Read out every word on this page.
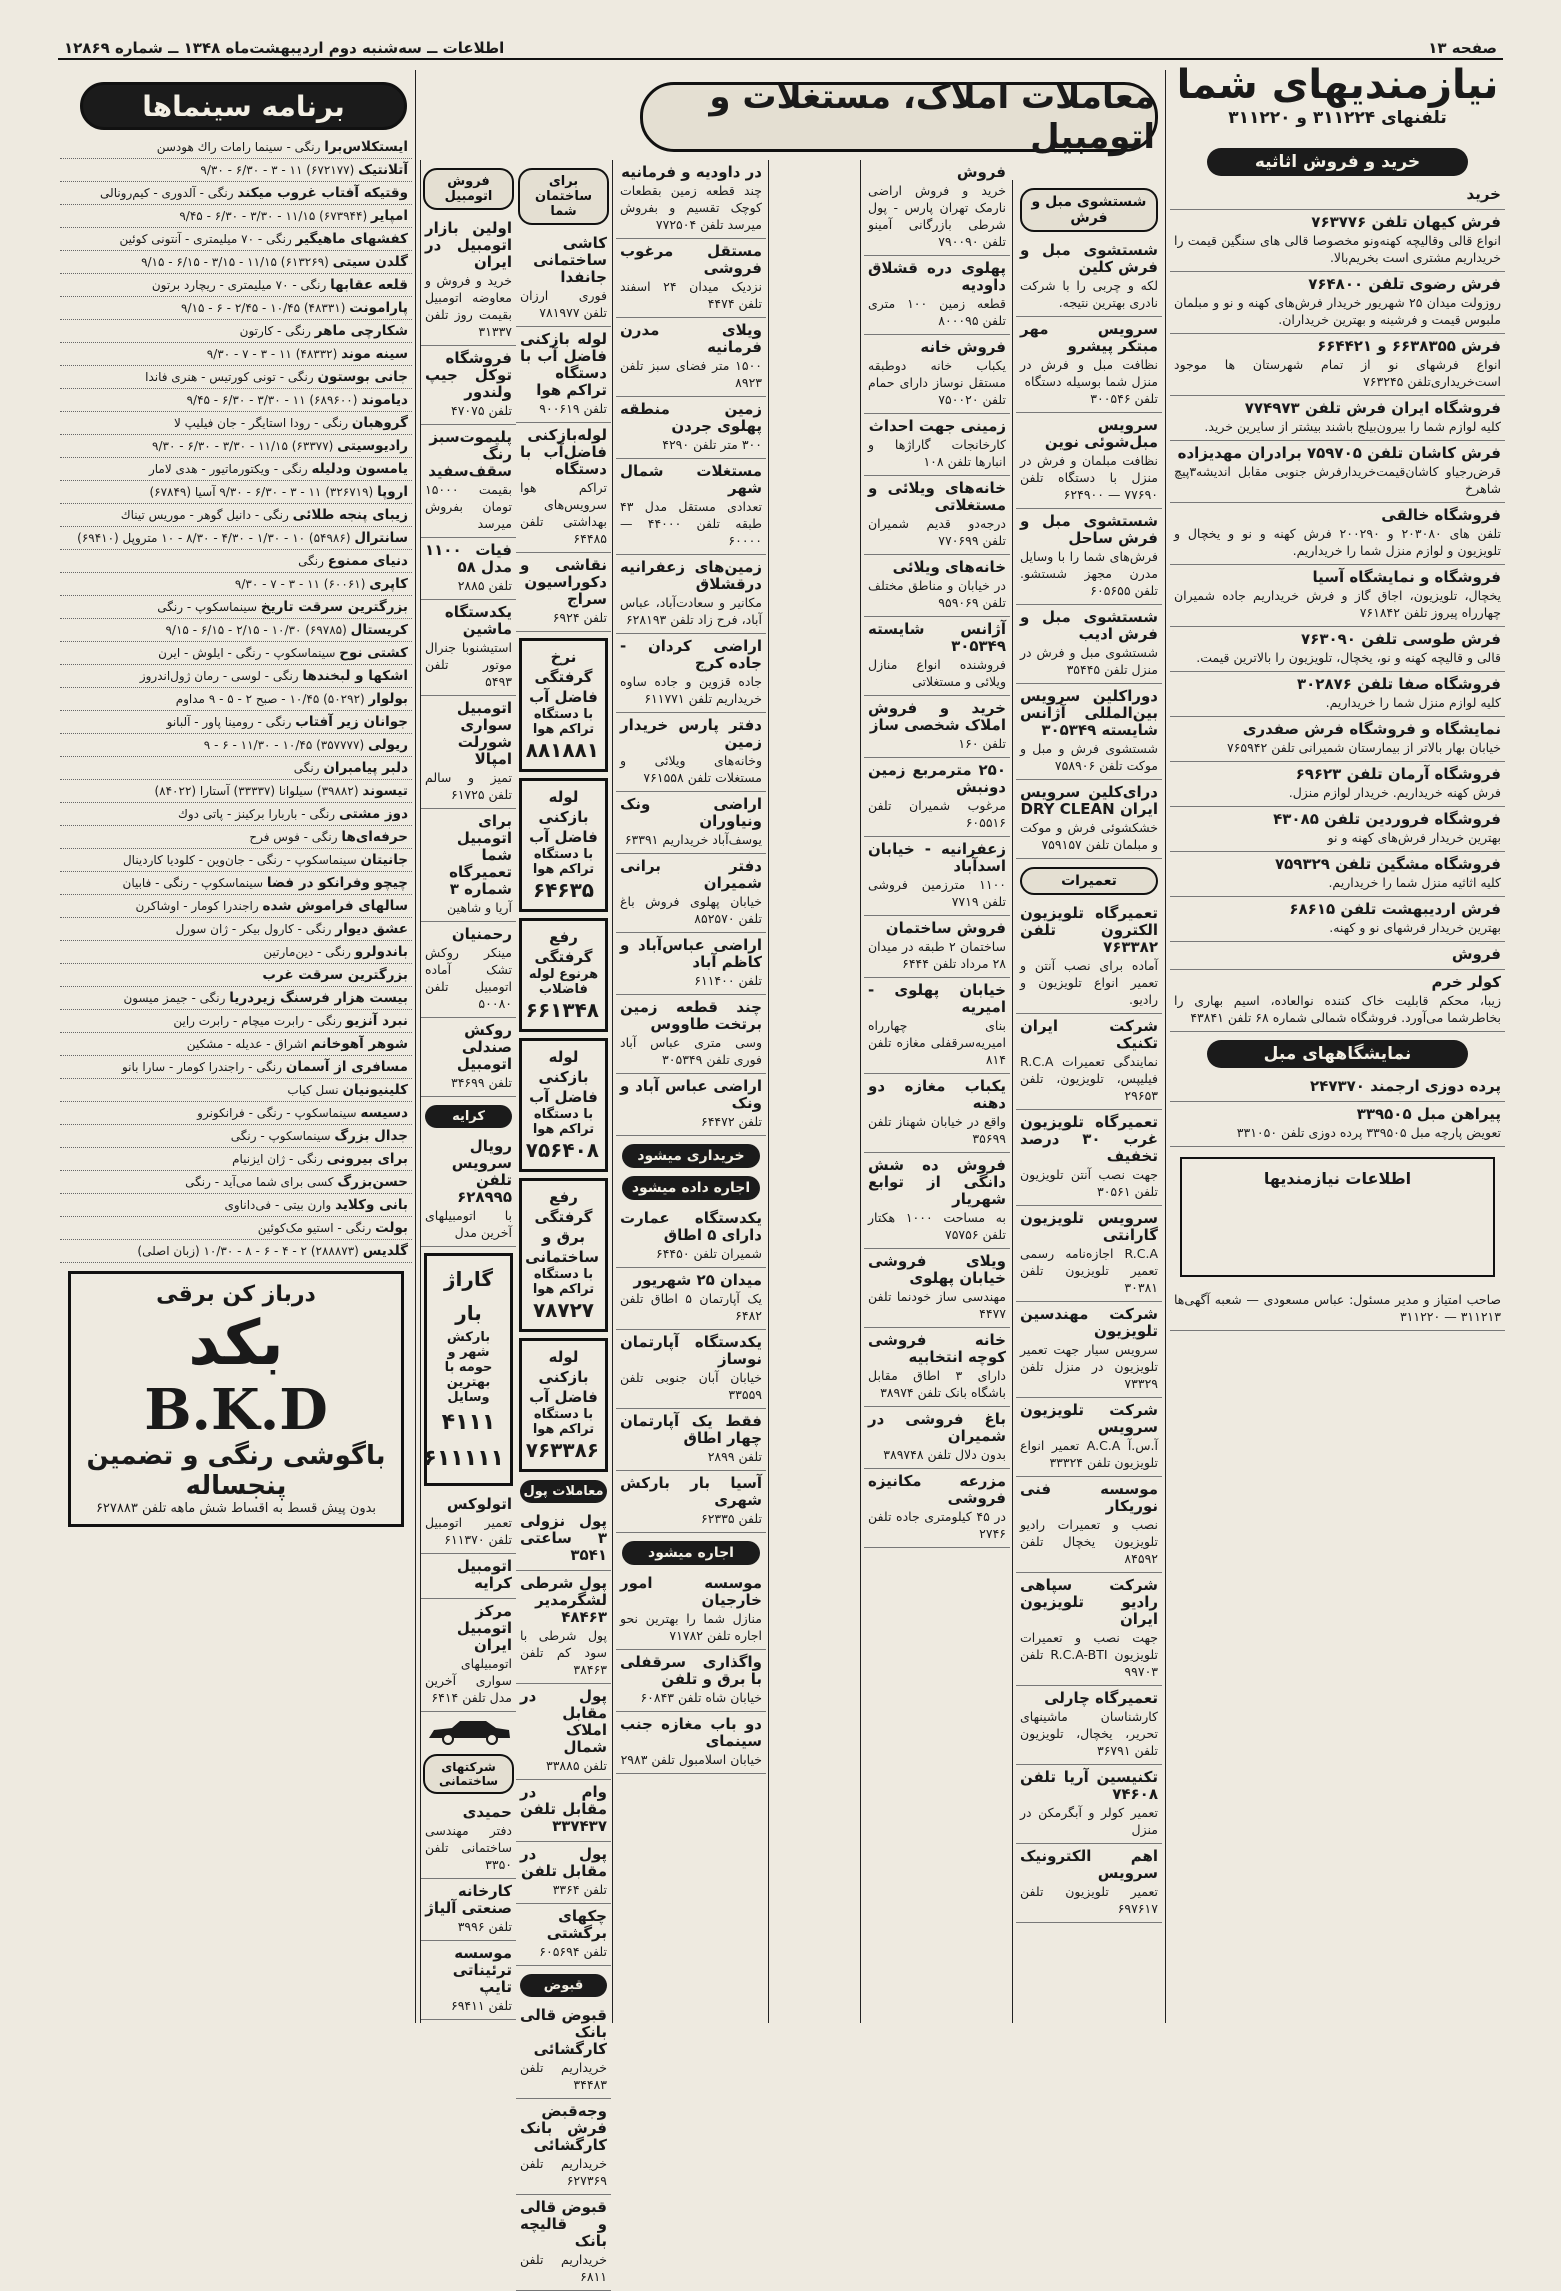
صفحه ۱۳
اطلاعات ــ سه‌شنبه دوم اردیبهشت‌ماه ۱۳۴۸ ــ شماره ۱۲۸۶۹
نیازمندیهای شما
تلفنهای ۳۱۱۲۲۴ و ۳۱۱۲۲۰
معاملات املاک، مستغلات و اتومبیل
برنامه سینماها
خرید و فروش اثاثیه
خرید
فرش کیهان تلفن ۷۶۳۷۷۶
انواع قالی وقالیچه کهنه‌ونو مخصوصا قالی های سنگین قیمت را خریداریم مشتری است بخریم‌بالا.
فرش رضوی تلفن ۷۶۴۸۰۰
روزولت میدان ۲۵ شهریور خریدار فرش‌های کهنه و نو و مبلمان ملبوس قیمت و فرشینه و بهترین خریداران.
فرش ۶۶۳۸۳۵۵ و ۶۶۴۴۲۱
انواع فرشهای نو از تمام شهرستان ها موجود است‌خریداری‌تلفن ۷۶۳۲۴۵
فروشگاه ایران فرش تلفن ۷۷۴۹۷۳
کلیه لوازم شما را بیرون‌بیلج باشند بیشتر از سایرین خرید.
فرش کاشان تلفن ۷۵۹۷۰۵ برادران مهدیزاده
قرض‌رجیاو کاشان‌قیمت‌خریدارفرش جنوبی مقابل اندیشه‌۳‌پیچ شاهرخ
فروشگاه خالقی
تلفن های ۲۰۳۰۸۰ و ۲۰۰۲۹۰ فرش کهنه و نو و یخچال و تلویزیون و لوازم منزل شما را خریداریم.
فروشگاه و نمایشگاه آسیا
یخچال، تلویزیون، اجاق گاز و فرش خریداریم جاده شمیران چهارراه پیروز تلفن ۷۶۱۸۴۲
فرش طوسی تلفن ۷۶۳۰۹۰
قالی و قالیچه کهنه و نو، یخچال، تلویزیون را بالاترین قیمت.
فروشگاه صفا تلفن ۳۰۲۸۷۶
کلیه لوازم منزل شما را خریداریم.
نمایشگاه و فروشگاه فرش صفدری
خیابان بهار بالاتر از بیمارستان شمیرانی تلفن ۷۶۵۹۴۲
فروشگاه آرمان تلفن ۶۹۶۲۳
فرش کهنه خریداریم. خریدار لوازم منزل.
فروشگاه فروردین تلفن ۴۳۰۸۵
بهترین خریدار فرش‌های کهنه و نو
فروشگاه مشگین تلفن ۷۵۹۳۲۹
کلیه اثاثیه منزل شما را خریداریم.
فرش اردیبهشت تلفن ۶۸۶۱۵
بهترین خریدار فرشهای نو و کهنه.
فروش
کولر خرم
زیبا، محکم قابلیت خاک کننده نوالعاده، اسیم بهاری را بخاطرشما می‌آورد. فروشگاه شمالی شماره ۶۸ تلفن ۴۳۸۴۱
نمایشگاههای مبل
پرده دوزی ارجمند ۲۴۷۳۷۰
پیراهن مبل ۳۳۹۵۰۵
تعویض پارچه مبل ۳۳۹۵۰۵ پرده دوزی تلفن ۳۳۱۰۵۰
اطلاعات نیازمندیها
صاحب امتیاز و مدیر مسئول: عباس مسعودی — شعبه آگهی‌ها ۳۱۱۲۱۳ — ۳۱۱۲۲۰
شستشوی مبل و فرش
شستشوی مبل و فرش کلین
لکه و چربی را با شرکت نادری بهترین نتیجه.
سرویس مهر مبتکر پیشرو
نظافت مبل و فرش در منزل شما بوسیله دستگاه ‌ تلفن ۳۰۰۵۴۶
سرویس مبل‌شوئی نوین
نظافت مبلمان و فرش در منزل با دستگاه تلفن ۷۷۶۹۰ — ۶۲۴۹۰۰
شستشوی مبل و فرش ساحل
فرش‌های شما را با وسایل مدرن مجهز شستشو. تلفن ۶۰۵۶۵۵
شستشوی مبل و فرش ادیب
شستشوی مبل و فرش در منزل تلفن ۳۵۴۴۵
دوراکلین سرویس بین‌المللی آژانس شایسته ۳۰۵۳۴۹
شستشوی فرش و مبل و موکت تلفن ۷۵۸۹۰۶
درای‌کلین سرویس ایران DRY CLEAN
خشکشوئی فرش و موکت و مبلمان تلفن ۷۵۹۱۵۷
تعمیرات
تعمیرگاه تلویزیون الکترون تلفن ۷۶۳۳۸۲
آماده برای نصب آنتن و تعمیر انواع تلویزیون و رادیو.
شرکت ایران تکنیک
نمایندگی تعمیرات R.C.A فیلیپس، تلویزیون، تلفن ۲۹۶۵۳
تعمیرگاه تلویزیون غرب ۳۰ درصد تخفیف
جهت نصب آنتن تلویزیون تلفن ۳۰۵۶۱
سرویس تلویزیون گارانتی
R.C.A اجازه‌نامه رسمی تعمیر تلویزیون تلفن ۳۰۳۸۱
شرکت مهندسین تلویزیون
سرویس سیار جهت تعمیر تلویزیون در منزل تلفن ۷۳۳۲۹
شرکت تلویزیون سرویس
آ.س.آ A.C.A تعمیر انواع تلویزیون تلفن ۳۳۳۲۴
موسسه فنی نوریکار
نصب و تعمیرات رادیو تلویزیون یخچال تلفن ۸۴۵۹۲
شرکت سپاهی رادیو تلویزیون ایران
جهت نصب و تعمیرات تلویزیون R.C.A-BTI تلفن ۹۹۷۰۳
تعمیرگاه چارلی
کارشناسان ماشینهای تحریر، یخچال، تلویزیون تلفن ۳۶۷۹۱
تکنیسین آریا تلفن ۷۴۶۰۸
تعمیر کولر و آبگرمکن در منزل
اهم الکترونیک سرویس
تعمیر تلویزیون تلفن ۶۹۷۶۱۷
فروش
خرید و فروش اراضی نارمک تهران پارس - پول شرطی بازرگانی آمینو تلفن ۷۹۰۰۹۰
پهلوی دره قشلاق داودیه
قطعه زمین ۱۰۰ متری تلفن ۸۰۰۰۹۵
فروش خانه
یکباب خانه دوطبقه مستقل نوساز دارای حمام تلفن ۷۵۰۰۲۰
زمینی جهت احداث
کارخانجات گاراژها و انبارها تلفن ۱۰۸
خانه‌های ویلائی و مستغلاتی
درجه‌دو قدیم شمیران تلفن ۷۷۰۶۹۹
خانه‌های ویلائی
در خیابان و مناطق مختلف تلفن ۹۵۹۰۶۹
آژانس شایسته ۳۰۵۳۴۹
فروشنده انواع منازل ویلائی و مستغلاتی
خرید و فروش املاک شخصی ساز
تلفن ۱۶۰
۲۵۰ مترمربع زمین دونبش
مرغوب شمیران تلفن ۶۰۵۵۱۶
زعفرانیه - خیابان اسدآباد
۱۱۰۰ مترزمین فروشی تلفن ۷۷۱۹
فروش ساختمان
ساختمان ۲ طبقه در میدان ۲۸ مرداد تلفن ۶۴۴۴
خیابان پهلوی - امیریه
بنای چهارراه امیریه‌سرقفلی مغازه تلفن ۸۱۴
یکباب مغازه دو دهنه
واقع در خیابان شهناز تلفن ۳۵۶۹۹
فروش ده شش دانگی از توابع شهریار
به مساحت ۱۰۰۰ هکتار تلفن ۷۵۷۵۶
ویلای فروشی خیابان پهلوی
مهندسی ساز خودنما تلفن ۴۴۷۷
خانه فروشی کوچه انتخابیه
دارای ۳ اطاق مقابل باشگاه بانک تلفن ۳۸۹۷۴
باغ فروشی در شمیران
بدون دلال تلفن ۳۸۹۷۴۸
مزرعه مکانیزه فروشی
در ۴۵ کیلومتری جاده تلفن ۲۷۴۶
در داودیه و فرمانیه
چند قطعه زمین بقطعات کوچک تقسیم و بفروش میرسد تلفن ۷۷۲۵۰۴
مستقل مرغوب فروشی
نزدیک میدان ۲۴ اسفند تلفن ۴۴۷۴
ویلای مدرن فرمانیه
۱۵۰۰ متر فضای سبز تلفن ۸۹۲۳
زمین منطقه پهلوی جردن
۳۰۰ متر تلفن ۴۲۹۰
مستغلات شمال شهر
تعدادی مستقل مدل ۴۳ طبقه تلفن ۴۴۰۰۰ — ۶۰۰۰۰
زمین‌های زعفرانیه درقشلاق
مکانیر و سعادت‌آباد، عباس آباد، فرح زاد تلفن ۶۲۸۱۹۳
اراضی کردان - جاده کرج
جاده قزوین و جاده ساوه خریداریم تلفن ۶۱۱۷۷۱
دفتر پارس خریدار زمین
وخانه‌های ویلائی و مستغلات تلفن ۷۶۱۵۵۸
اراضی ونک ونیاوران
یوسف‌آباد خریداریم ۶۳۳۹۱
دفتر برانی شمیران
خیابان پهلوی فروش باغ تلفن ۸۵۲۵۷۰
اراضی عباس‌آباد و کاظم آباد
تلفن ۶۱۱۴۰۰
چند قطعه زمین برتخت طاووس
وسی متری عباس آباد فوری تلفن ۳۰۵۳۴۹
اراضی عباس آباد و ونک
تلفن ۶۴۴۷۲
خریداری میشود
اجاره داده میشود
یکدستگاه عمارت دارای ۵ اطاق
شمیران تلفن ۶۴۴۵۰
میدان ۲۵ شهریور
یک آپارتمان ۵ اطاق تلفن ۶۴۸۲
یکدستگاه آپارتمان نوساز
خیابان آبان جنوبی تلفن ۳۳۵۵۹
فقط یک آپارتمان چهار اطاق
تلفن ۲۸۹۹
آسیا بار بارکش شهری
تلفن ۶۲۳۳۵
اجاره میشود
موسسه امور خارجیان
منازل شما را بهترین نحو اجاره تلفن ۷۱۷۸۲
واگذاری سرقفلی با برق و تلفن
خیابان شاه تلفن ۶۰۸۴۳
دو باب مغازه جنب سینمای
خیابان اسلامبول تلفن ۲۹۸۳
فروش اتومبیل
اولین بازار اتومبیل در ایران
خرید و فروش و معاوضه اتومبیل بقیمت روز تلفن ۳۱۳۳۷
فروشگاه توکل جیپ ولندور
تلفن ۴۷۰۷۵
پلیموت‌سبز رنگ سقف‌سفید
بقیمت ۱۵۰۰۰ تومان بفروش میرسد
فیات ۱۱۰۰ مدل ۵۸
تلفن ۲۸۸۵
یکدستگاه ماشین
استیشنوبا جنرال موتور تلفن ۵۴۹۳
اتومبیل سواری شورلت امپالا
تمیز و سالم تلفن ۶۱۷۲۵
برای اتومبیل شما تعمیرگاه شماره ۳
آریا و شاهین
رحمنیان
مینکر روکش تشک آماده اتومبیل تلفن ۵۰۰۸۰
روکش صندلی اتومبیل
تلفن ۳۴۶۹۹
کرایه
رویال سرویس تلفن ۶۲۸۹۹۵
با اتومبیلهای آخرین مدل
گاراژ بار
بارکش شهر و حومه با بهترین وسایل
۴۱۱۱
۶۱۱۱۱۱
اتولوکس
تعمیر اتومبیل تلفن ۶۱۱۳۷۰
اتومبیل کرایه
مرکز اتومبیل ایران
اتومبیلهای سواری آخرین مدل تلفن ۶۴۱۴
شرکتهای ساختمانی
حمیدی
دفتر مهندسی ساختمانی تلفن ۳۳۵۰
کارخانه صنعتی آلیاژ
تلفن ۳۹۹۶
موسسه ترئیناتی تایپ
تلفن ۶۹۴۱۱
برای ساختمان شما
کاشی ساختمانی جانفدا
فوری ارزان تلفن ۷۸۱۹۷۷
لوله بازکنی فاضل آب با دستگاه تراکم هوا
تلفن ۹۰۰۶۱۹
لوله‌بازکنی فاضل‌آب با دستگاه
تراکم هوا سرویس‌های بهداشتی تلفن ۶۴۴۸۵
نقاشی و دکوراسیون سراج
تلفن ۶۹۲۴
نرخ گرفتگی فاضل آب
با دستگاه تراکم هوا
۸۸۱۸۸۱
لوله بازکنی فاضل آب
با دستگاه تراکم هوا
۶۴۶۳۵
رفع گرفتگی
هرنوع لوله فاضلاب
۶۶۱۳۴۸
لوله بازکنی فاضل آب
با دستگاه تراکم هوا
۷۵۶۴۰۸
رفع گرفتگی برق و ساختمانی
با دستگاه تراکم هوا
۷۸۷۲۷
لوله بازکنی فاضل آب
با دستگاه تراکم هوا
۷۶۳۳۸۶
معاملات پول
پول نزولی ۳ ساعتی ۳۵۴۱
پول شرطی لشگرمدیر ۴۸۴۶۳
پول شرطی با سود کم تلفن ۳۸۴۶۳
پول در مقابل املاک شمال
تلفن ۳۳۸۸۵
وام در مقابل تلفن ۳۳۷۴۳۷
پول در مقابل تلفن
تلفن ۳۳۶۴
چکهای برگشتی
تلفن ۶۰۵۶۹۴
قبوض
قبوض قالی بانک کارگشائی
خریداریم تلفن ۳۴۴۸۳
وجه‌قبض فرش بانک کارگشائی
خریداریم تلفن ۶۲۷۳۶۹
قبوض قالی و قالیچه بانک
خریداریم تلفن ۶۸۱۱
ایستکلاس‌برا رنگی - سینما رامات راك هودسن
آتلانتیک (۶۷۲۱۷۷) ۱۱ - ۳ - ۶/۳۰ - ۹/۳۰
وقتیکه آفتاب غروب میکند رنگی - آلدوری - کیم‌رونالی
امپایر (۶۷۳۹۴۴) ۱۱/۱۵ - ۳/۳۰ - ۶/۳۰ - ۹/۴۵
کفشهای ماهیگیر رنگی - ۷۰ میلیمتری - آنتونی کوئین
گلدن سیتی (۶۱۳۲۶۹) ۱۱/۱۵ - ۳/۱۵ - ۶/۱۵ - ۹/۱۵
قلعه عقابها رنگی - ۷۰ میلیمتری - ریچارد برتون
پارامونت (۴۸۳۳۱) ۱۰/۴۵ - ۲/۴۵ - ۶ - ۹/۱۵
شکارچی ماهر رنگی - کارتون
سینه موند (۴۸۳۳۲) ۱۱ - ۳ - ۷ - ۹/۳۰
جانی بوستون رنگی - تونی کورتیس - هنری فاندا
دیاموند (۶۸۹۶۰۰) ۱۱ - ۳/۳۰ - ۶/۳۰ - ۹/۴۵
گروهبان رنگی - رودا استایگر - جان فیلیپ لا
رادیوسیتی (۶۳۳۷۷) ۱۱/۱۵ - ۳/۳۰ - ۶/۳۰ - ۹/۳۰
یامسون ودلیله رنگی - ویکتورماتیور - هدی لامار
اروپا (۳۲۶۷۱۹) ۱۱ - ۳ - ۶/۳۰ - ۹/۳۰ آسیا (۶۷۸۴۹)
زیبای پنجه طلائی رنگی - دانیل گوهر - موریس تیناك
سانترال (۵۴۹۸۶) ۱۰ - ۱/۳۰ - ۴/۳۰ - ۸/۳۰ - ۱۰ متروپل (۶۹۴۱۰)
دنیای ممنوع رنگی
کاپری (۶۰۰۶۱) ۱۱ - ۳ - ۷ - ۹/۳۰
بزرگترین سرقت تاریخ سینماسکوپ - رنگی
کریستال (۶۹۷۸۵) ۱۰/۳۰ - ۲/۱۵ - ۶/۱۵ - ۹/۱۵
کشتی نوح سینماسکوپ - رنگی - ایلوش - ایرن
اشکها و لبخندها رنگی - لوسی - رمان ژول‌اندروز
بولوار (۵۰۲۹۲) ۱۰/۴۵ - صبح ۲ - ۵ - ۹ مداوم
جوانان زیر آفتاب رنگی - رومینا پاور - آلبانو
ریولی (۳۵۷۷۷۷) ۱۰/۴۵ - ۱۱/۳۰ - ۶ - ۹
دلبر پیامبران رنگی
تیسوند (۳۹۸۸۲) سیلوانا (۳۳۳۳۷) آستارا (۸۴۰۲۲)
دوز مشتی رنگی - باربارا برکینز - پاتی دوك
حرفه‌ای‌ها رنگی - فوس فرح
جانیتان سینماسکوپ - رنگی - جان‌وین - کلودیا کاردینال
چیچو وفرانکو در فضا سینماسکوپ - رنگی - فابیان
سالهای فراموش شده راجندرا کومار - اوشاکرن
عشق دیوار رنگی - کارول بیکر - ژان سورل
باندولرو رنگی - دین‌مارتین
بزرگترین سرقت غرب
بیست هزار فرسنگ زیردریا رنگی - جیمز میسون
نبرد آنزیو رنگی - رابرت میچام - رابرت راین
شوهر آهوخانم اشراق - عدیله - مشکین
مسافری از آسمان رنگی - راجندرا کومار - سارا بانو
کلینیونیان نسل کیاب
دسیسه سینماسکوپ - رنگی - فرانکونرو
جدال بزرگ سینماسکوپ - رنگی
برای بیرونی رنگی - ژان ایزنیام
حسن‌بزرگ کسی برای شما می‌آید - رنگی
بانی وکلاید وارن بیتی - فی‌داناوی
بولت رنگی - استیو مک‌کوئین
گلدیس (۲۸۸۸۷۳) ۲ - ۴ - ۶ - ۸ - ۱۰/۳۰ (زبان اصلی)
درباز کن برقی
بکد
B.K.D
باگوشی رنگی و تضمین پنجساله
بدون پیش قسط به اقساط شش ماهه تلفن ۶۲۷۸۸۳
